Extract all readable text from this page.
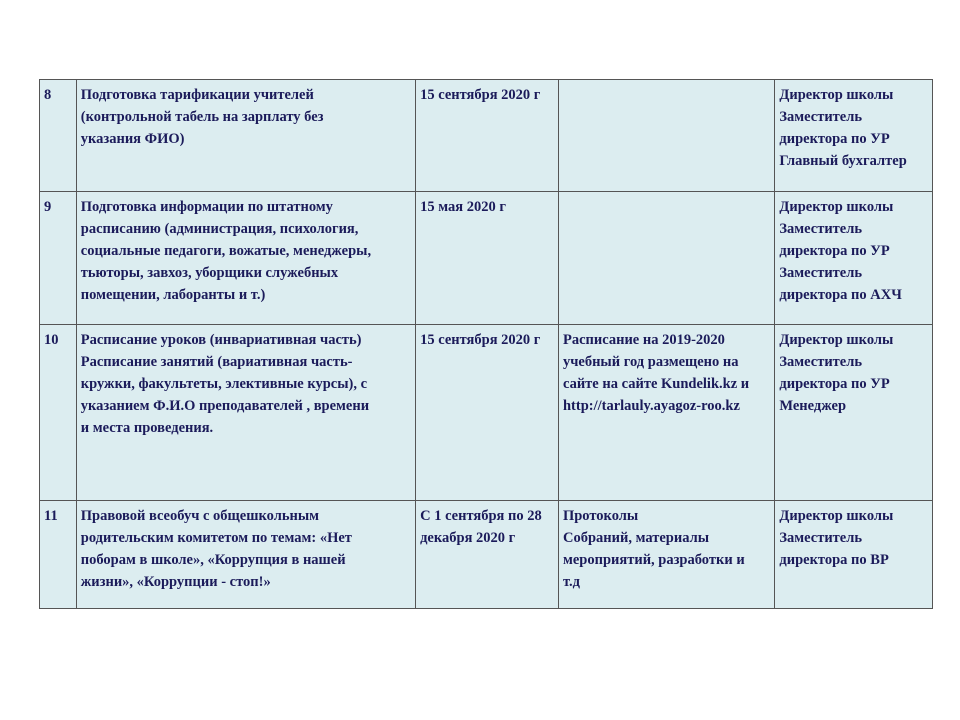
8	Подготовка тарификации учителей
(контрольной табель на зарплату без
указания ФИО)	15 сентября 2020 г		Директор школы
Заместитель
директора по УР
Главный бухгалтер

9	Подготовка информации по штатному
расписанию (администрация, психология,
социальные педагоги, вожатые, менеджеры,
тьюторы, завхоз, уборщики служебных
помещении, лаборанты и т.)	15 мая 2020 г		Директор школы
Заместитель
директора по УР
Заместитель
директора по АХЧ

10	Расписание уроков (инвариативная часть)
Расписание занятий (вариативная часть-
кружки, факультеты, элективные курсы), с
указанием Ф.И.О преподавателей , времени
и места проведения.	15 сентября 2020 г	Расписание на 2019-2020
учебный год размещено на
сайте на сайте Kundelik.kz и
http://tarlauly.ayagoz-roo.kz	Директор школы
Заместитель
директора по УР
Менеджер

11	Правовой всеобуч с общешкольным
родительским комитетом по темам: «Нет
поборам в школе», «Коррупция в нашей
жизни», «Коррупции - стоп!»	С 1 сентября по 28
декабря 2020 г	Протоколы
Собраний, материалы
мероприятий, разработки и
т.д	Директор школы
Заместитель
директора по ВР
